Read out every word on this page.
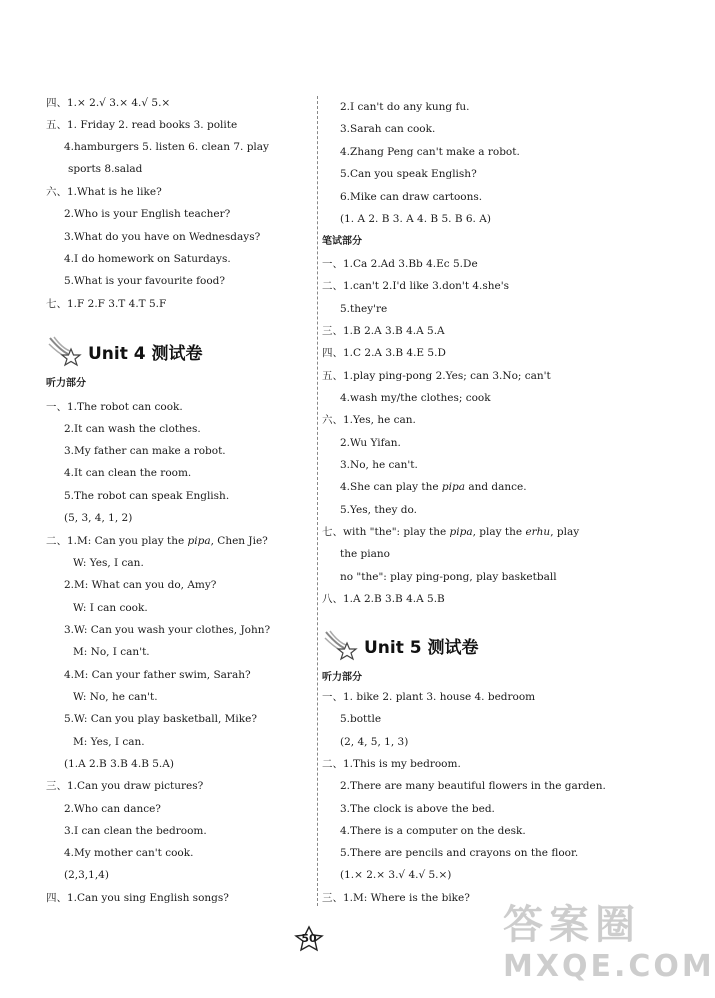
四、1.× 2.√ 3.× 4.√ 5.×
五、1. Friday 2. read books 3. polite
4.hamburgers 5. listen 6. clean 7. play
sports 8.salad
六、1.What is he like?
2.Who is your English teacher?
3.What do you have on Wednesdays?
4.I do homework on Saturdays.
5.What is your favourite food?
七、1.F 2.F 3.T 4.T 5.F
Unit 4 测试卷
听力部分
一、1.The robot can cook.
2.It can wash the clothes.
3.My father can make a robot.
4.It can clean the room.
5.The robot can speak English.
(5, 3, 4, 1, 2)
二、1.M: Can you play the pipa, Chen Jie?
W: Yes, I can.
2.M: What can you do, Amy?
W: I can cook.
3.W: Can you wash your clothes, John?
M: No, I can't.
4.M: Can your father swim, Sarah?
W: No, he can't.
5.W: Can you play basketball, Mike?
M: Yes, I can.
(1.A 2.B 3.B 4.B 5.A)
三、1.Can you draw pictures?
2.Who can dance?
3.I can clean the bedroom.
4.My mother can't cook.
(2,3,1,4)
四、1.Can you sing English songs?
2.I can't do any kung fu.
3.Sarah can cook.
4.Zhang Peng can't make a robot.
5.Can you speak English?
6.Mike can draw cartoons.
(1. A 2. B 3. A 4. B 5. B 6. A)
笔试部分
一、1.Ca 2.Ad 3.Bb 4.Ec 5.De
二、1.can't 2.I'd like 3.don't 4.she's
5.they're
三、1.B 2.A 3.B 4.A 5.A
四、1.C 2.A 3.B 4.E 5.D
五、1.play ping-pong 2.Yes; can 3.No; can't
4.wash my/the clothes; cook
六、1.Yes, he can.
2.Wu Yifan.
3.No, he can't.
4.She can play the pipa and dance.
5.Yes, they do.
七、with "the": play the pipa, play the erhu, play
the piano
no "the": play ping-pong, play basketball
八、1.A 2.B 3.B 4.A 5.B
Unit 5 测试卷
听力部分
一、1. bike 2. plant 3. house 4. bedroom
5.bottle
(2, 4, 5, 1, 3)
二、1.This is my bedroom.
2.There are many beautiful flowers in the garden.
3.The clock is above the bed.
4.There is a computer on the desk.
5.There are pencils and crayons on the floor.
(1.× 2.× 3.√ 4.√ 5.×)
三、1.M: Where is the bike?
50	答案圈
MXQE.COM
